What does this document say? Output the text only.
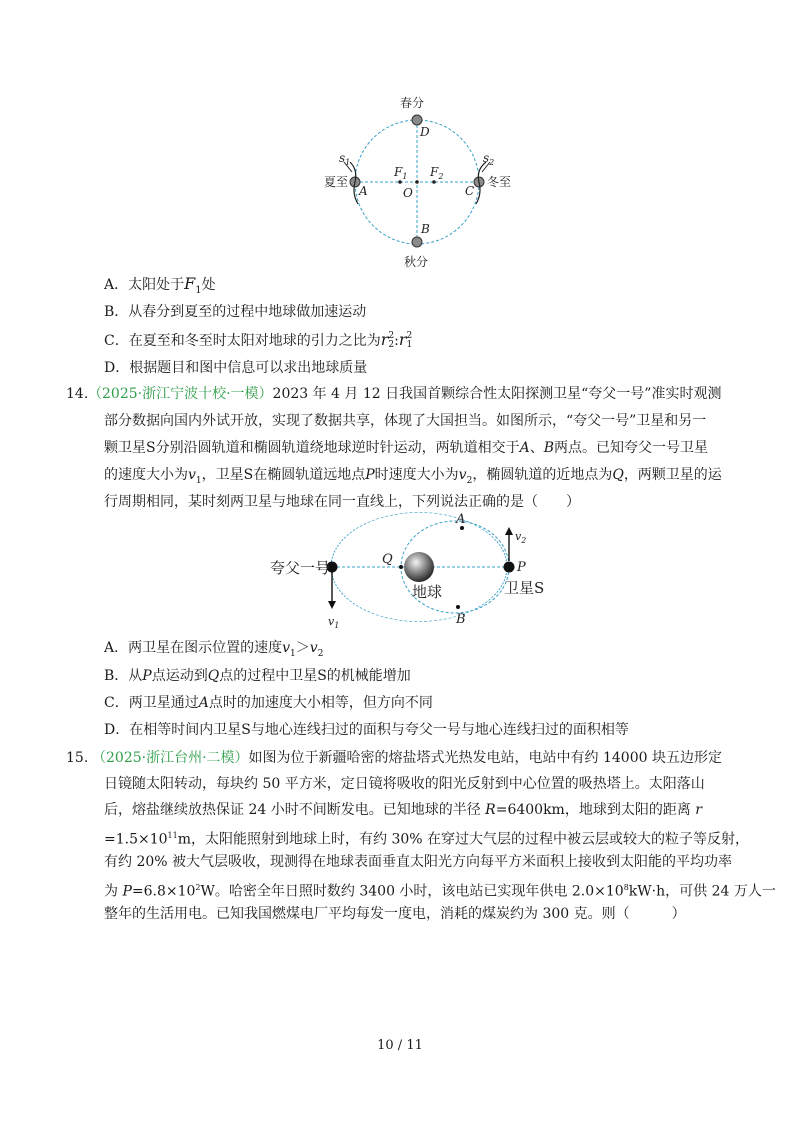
春分
秋分
夏至	冬至
D
B
A	C
O
$F_1$ $F_2$
$s_1$	$s_2$
A．太阳处于$F_1$处
B．从春分到夏至的过程中地球做加速运动
C．在夏至和冬至时太阳对地球的引力之比为r 2
2 :r 2
1
D．根据题目和图中信息可以求出地球质量
14. （2025·浙江宁波十校·一模）2023 年 4 月 12 日我国首颗综合性太阳探测卫星“夸父一号”准实时观测
部分数据向国内外试开放，实现了数据共享，体现了大国担当。如图所示，“夸父一号”卫星和另一
颗卫星S分别沿圆轨道和椭圆轨道绕地球逆时针运动，两轨道相交于A、B两点。已知夸父一号卫星
的速度大小为$v_1$，卫星S在椭圆轨道远地点P时速度大小为$v_2$，椭圆轨道的近地点为Q，两颗卫星的运
行周期相同，某时刻两卫星与地球在同一直线上，下列说法正确的是（　　）
夸父一号
地球	卫星S
A
B
P
Q
$v_1$
$v_2$
A．两卫星在图示位置的速度$v_1>v_2$
B．从P点运动到Q点的过程中卫星S的机械能增加
C．两卫星通过A点时的加速度大小相等，但方向不同
D．在相等时间内卫星S与地心连线扫过的面积与夸父一号与地心连线扫过的面积相等
15. （2025·浙江台州·二模）如图为位于新疆哈密的熔盐塔式光热发电站，电站中有约 14000 块五边形定
日镜随太阳转动，每块约 50 平方米，定日镜将吸收的阳光反射到中心位置的吸热塔上。太阳落山
后，熔盐继续放热保证 24 小时不间断发电。已知地球的半径 R=6400km，地球到太阳的距离 r
$=1.5\times 10^{11}m$，太阳能照射到地球上时，有约 30% 在穿过大气层的过程中被云层或较大的粒子等反射，
有约 20% 被大气层吸收，现测得在地球表面垂直太阳光方向每平方米面积上接收到太阳能的平均功率
为 $P=6.8\times 10^2W$。哈密全年日照时数约 3400 小时，该电站已实现年供电 $2.0\times 10^8kW\cdot h$，可供 24 万人一
整年的生活用电。已知我国燃煤电厂平均每发一度电，消耗的煤炭约为 300 克。则（　　　）
10 / 11
